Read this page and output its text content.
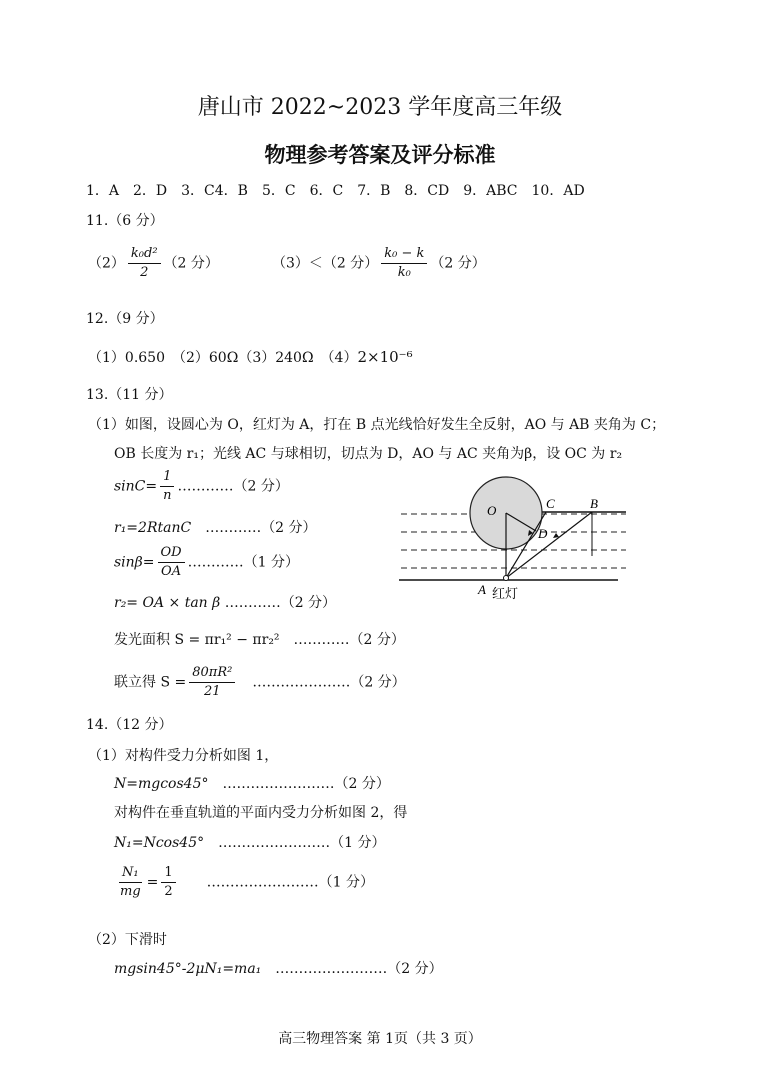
唐山市 2022~2023 学年度高三年级
物理参考答案及评分标准
1．A　2．D　3．C4．B　5．C　6．C　7．B　8．CD　9．ABC　10．AD
11.（6 分）
$(2) \frac{\text{k₀d²}}{2} (2$ 分）	（3）＜（2 分） $\frac{\text{k₀ − k}}{\text{k₀}} (2$ 分）
12.（9 分）
（1）0.650　（2）60Ω（3）240Ω　（4）2×10⁻⁶
13.（11 分）
（1）如图，设圆心为 O，红灯为 A，打在 B 点光线恰好发生全反射，AO 与 AB 夹角为 C；
OB 长度为 r₁；光线 AC 与球相切，切点为 D，AO 与 AC 夹角为β，设 OC 为 r₂
$\sin C= \frac{1}{n}$ …………（2 分）
r₁=2RtanC　 …………（2 分）
$\sin\beta= \frac{OD}{OA}$ …………（1 分）
r₂= OA × tan β …………（2 分）
发光面积 S = πr₁² − πr₂²　 …………（2 分）
联立得 $S = \frac{\text{80πR²}}{21}$
　 …………………（2 分）
O	C	B
D
A 红灯
14.（12 分）
（1）对构件受力分析如图 1，
N=mgcos45°　 ……………………（2 分）
对构件在垂直轨道的平面内受力分析如图 2，得
N₁=Ncos45°　 ……………………（1 分）
$\frac{\text{N₁}}{mg} = \frac{1}{2}$
　　 ……………………（1 分）
（2）下滑时
mgsin45°-2μN₁=ma₁　 ……………………（2 分）
高三物理答案 第 1页（共 3 页）
